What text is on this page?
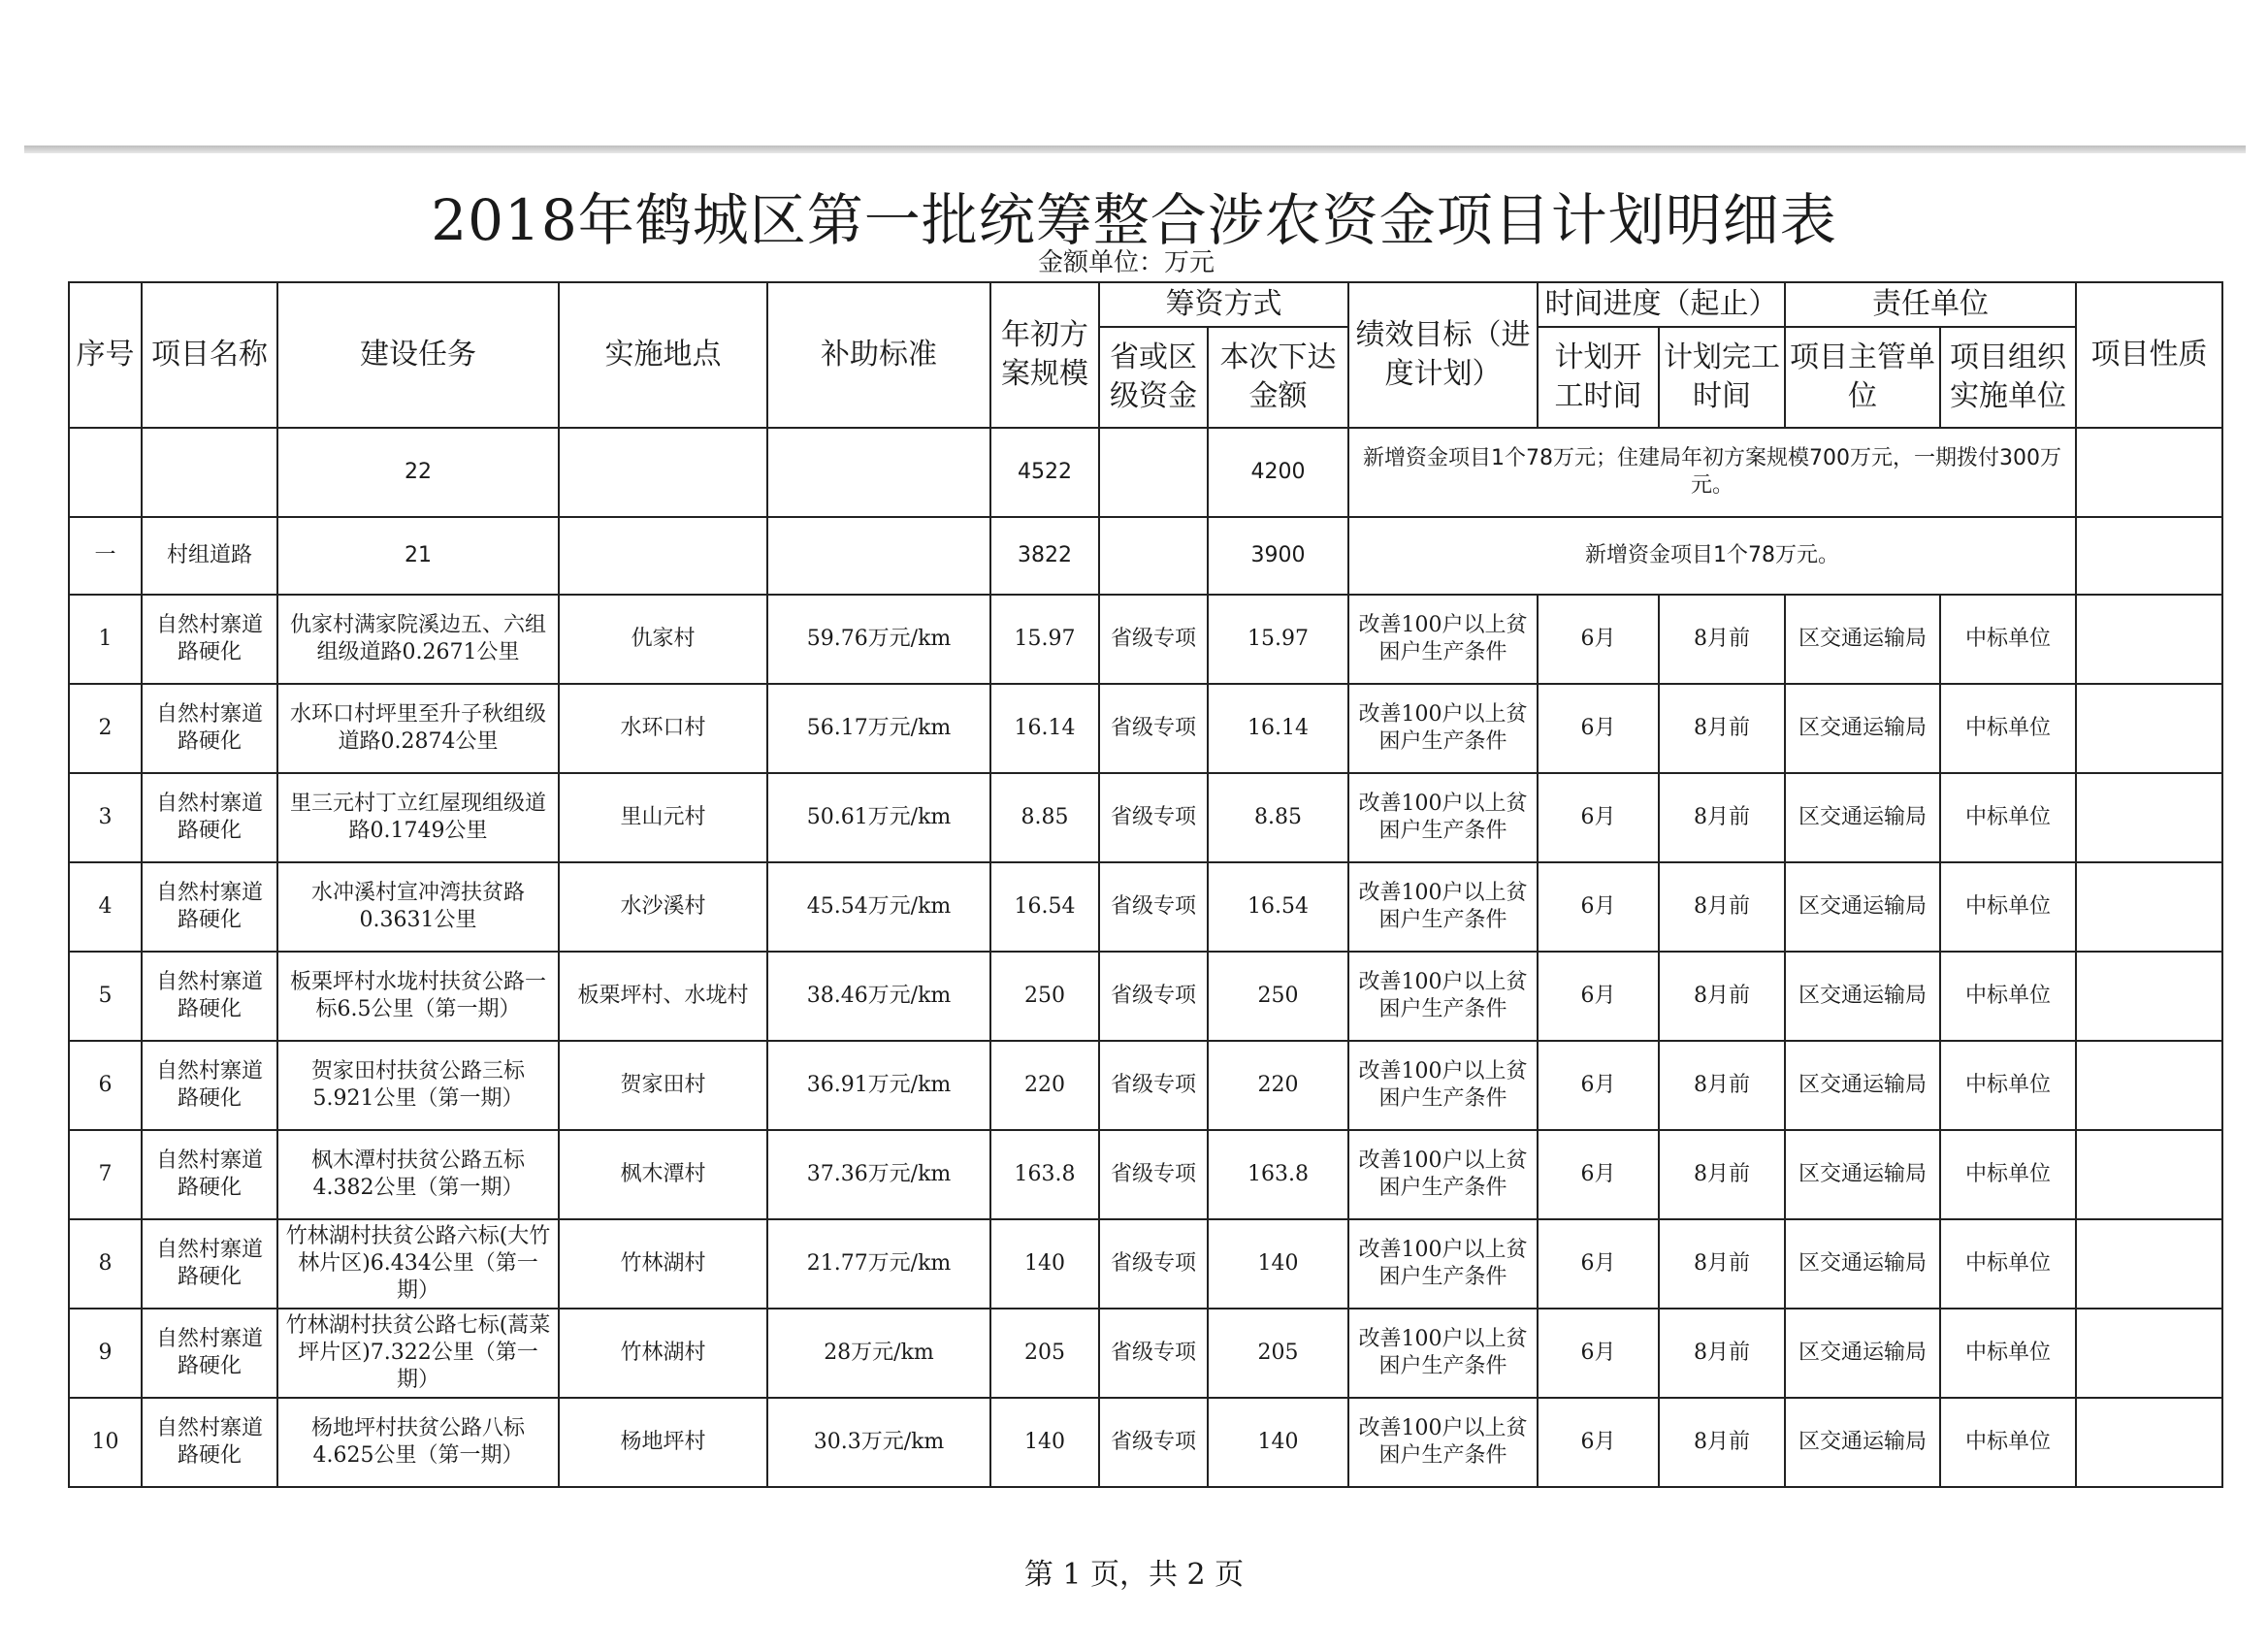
2018年鹤城区第一批统筹整合涉农资金项目计划明细表
金额单位：万元
序号	项目名称	建设任务	实施地点	补助标准	年初方案规模	筹资方式		绩效目标（进度计划）	时间进度（起止）		责任单位		项目性质
						省或区级资金	本次下达金额		计划开工时间	计划完工时间	项目主管单位	项目组织实施单位	
		22			4522		4200	新增资金项目1个78万元；住建局年初方案规模700万元，一期拨付300万元。					
一	村组道路	21			3822		3900	新增资金项目1个78万元。					
1	自然村寨道路硬化	仇家村满家院溪边五、六组组级道路0.2671公里	仇家村	59.76万元/km	15.97	省级专项	15.97	改善100户以上贫困户生产条件	6月	8月前	区交通运输局	中标单位	
2	自然村寨道路硬化	水环口村坪里至升子秋组级道路0.2874公里	水环口村	56.17万元/km	16.14	省级专项	16.14	改善100户以上贫困户生产条件	6月	8月前	区交通运输局	中标单位	
3	自然村寨道路硬化	里三元村丁立红屋现组级道路0.1749公里	里山元村	50.61万元/km	8.85	省级专项	8.85	改善100户以上贫困户生产条件	6月	8月前	区交通运输局	中标单位	
4	自然村寨道路硬化	水冲溪村宣冲湾扶贫路0.3631公里	水沙溪村	45.54万元/km	16.54	省级专项	16.54	改善100户以上贫困户生产条件	6月	8月前	区交通运输局	中标单位	
5	自然村寨道路硬化	板栗坪村水垅村扶贫公路一标6.5公里（第一期）	板栗坪村、水垅村	38.46万元/km	250	省级专项	250	改善100户以上贫困户生产条件	6月	8月前	区交通运输局	中标单位	
6	自然村寨道路硬化	贺家田村扶贫公路三标5.921公里（第一期）	贺家田村	36.91万元/km	220	省级专项	220	改善100户以上贫困户生产条件	6月	8月前	区交通运输局	中标单位	
7	自然村寨道路硬化	枫木潭村扶贫公路五标4.382公里（第一期）	枫木潭村	37.36万元/km	163.8	省级专项	163.8	改善100户以上贫困户生产条件	6月	8月前	区交通运输局	中标单位	
8	自然村寨道路硬化	竹林湖村扶贫公路六标(大竹林片区)6.434公里（第一期）	竹林湖村	21.77万元/km	140	省级专项	140	改善100户以上贫困户生产条件	6月	8月前	区交通运输局	中标单位	
9	自然村寨道路硬化	竹林湖村扶贫公路七标(蒿菜坪片区)7.322公里（第一期）	竹林湖村	28万元/km	205	省级专项	205	改善100户以上贫困户生产条件	6月	8月前	区交通运输局	中标单位	
10	自然村寨道路硬化	杨地坪村扶贫公路八标4.625公里（第一期）	杨地坪村	30.3万元/km	140	省级专项	140	改善100户以上贫困户生产条件	6月	8月前	区交通运输局	中标单位	
第 1 页，共 2 页
